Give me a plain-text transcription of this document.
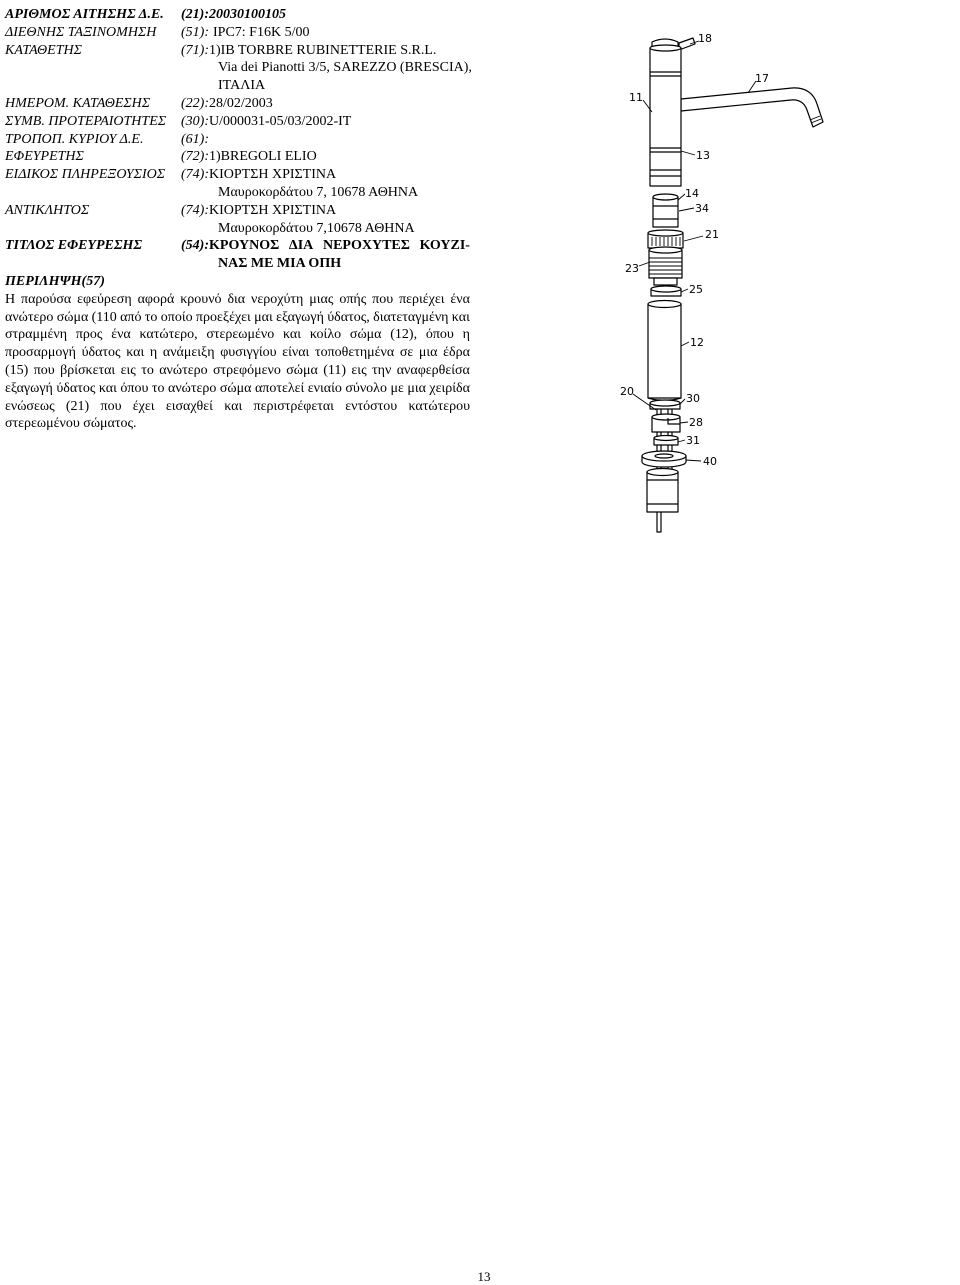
ΑΡΙΘΜΟΣ ΑΙΤΗΣΗΣ Δ.Ε.	(21): 20030100105
ΔΙΕΘΝΗΣ ΤΑΞΙΝΟΜΗΣΗ	(51): IPC7: F16K 5/00
ΚΑΤΑΘΕΤΗΣ	(71): 1)IB TORBRE RUBINETTERIE S.R.L.
Via dei Pianotti 3/5, SAREZZO (BRESCIA),
ΙΤΑΛΙΑ
ΗΜΕΡΟΜ. ΚΑΤΑΘΕΣΗΣ	(22): 28/02/2003
ΣΥΜΒ. ΠΡΟΤΕΡΑΙΟΤΗΤΕΣ	(30): U/000031-05/03/2002-IT
ΤΡΟΠΟΠ. ΚΥΡΙΟΥ Δ.Ε.	(61):
ΕΦΕΥΡΕΤΗΣ	(72): 1)BREGOLI ELIO
ΕΙΔΙΚΟΣ ΠΛΗΡΕΞΟΥΣΙΟΣ	(74): ΚΙΟΡΤΣΗ ΧΡΙΣΤΙΝΑ
Μαυροκορδάτου 7, 10678 ΑΘΗΝΑ
ΑΝΤΙΚΛΗΤΟΣ	(74): ΚΙΟΡΤΣΗ ΧΡΙΣΤΙΝΑ
Μαυροκορδάτου 7,10678 ΑΘΗΝΑ
ΤΙΤΛΟΣ ΕΦΕΥΡΕΣΗΣ	(54): ΚΡΟΥΝΟΣ ΔΙΑ ΝΕΡΟΧΥΤΕΣ ΚΟΥΖΙ-
ΝΑΣ ΜΕ ΜΙΑ ΟΠΗ
ΠΕΡΙΛΗΨΗ(57)
Η παρούσα εφεύρεση αφορά κρουνό δια νεροχύτη μιας οπής που περιέχει ένα
ανώτερο σώμα (110 από το οποίο προεξέχει μαι εξαγωγή ύδατος, διατεταγμένη και
στραμμένη προς ένα κατώτερο, στερεωμένο και κοίλο σώμα (12), όπου η
προσαρμογή ύδατος και η ανάμειξη φυσιγγίου είναι τοποθετημένα σε μια έδρα
(15) που βρίσκεται εις το ανώτερο στρεφόμενο σώμα (11) εις την αναφερθείσα
εξαγωγή ύδατος και όπου το ανώτερο σώμα αποτελεί ενιαίο σύνολο με μια χειρίδα
ενώσεως (21) που έχει εισαχθεί και περιστρέφεται εντόστου κατώτερου
στερεωμένου σώματος.
18
17
11
13
14
34
21
23
25
12
20
30
28
31
40
13
